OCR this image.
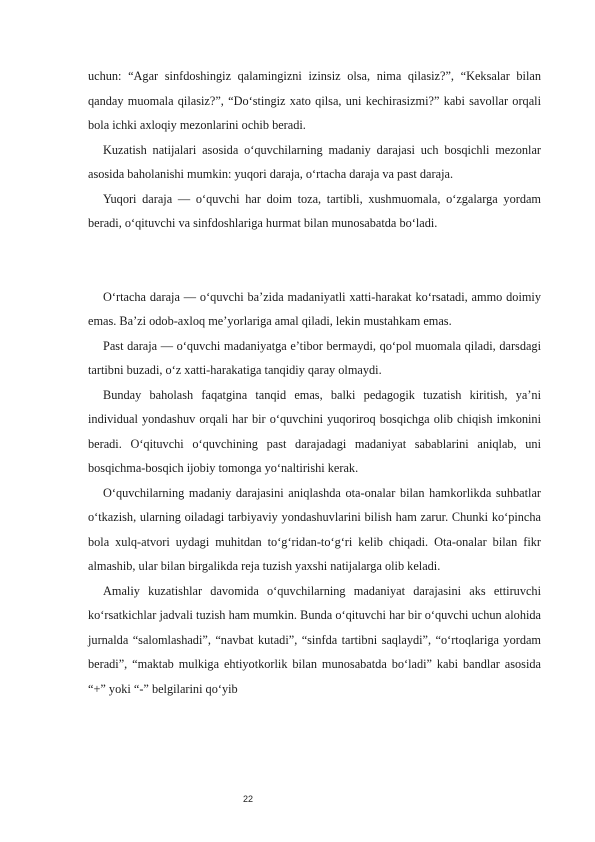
uchun: “Agar sinfdoshingiz qalamingizni izinsiz olsa, nima qilasiz?”, “Keksalar bilan qanday muomala qilasiz?”, “Do‘stingiz xato qilsa, uni kechirasizmi?” kabi savollar orqali bola ichki axloqiy mezonlarini ochib beradi.

Kuzatish natijalari asosida o‘quvchilarning madaniy darajasi uch bosqichli mezonlar asosida baholanishi mumkin: yuqori daraja, o‘rtacha daraja va past daraja.

Yuqori daraja — o‘quvchi har doim toza, tartibli, xushmuomala, o‘zgalarga yordam beradi, o‘qituvchi va sinfdoshlariga hurmat bilan munosabatda bo‘ladi.

O‘rtacha daraja — o‘quvchi ba’zida madaniyatli xatti-harakat ko‘rsatadi, ammo doimiy emas. Ba’zi odob-axloq me’yorlariga amal qiladi, lekin mustahkam emas.

Past daraja — o‘quvchi madaniyatga e’tibor bermaydi, qo‘pol muomala qiladi, darsdagi tartibni buzadi, o‘z xatti-harakatiga tanqidiy qaray olmaydi.

Bunday baholash faqatgina tanqid emas, balki pedagogik tuzatish kiritish, ya’ni individual yondashuv orqali har bir o‘quvchini yuqoriroq bosqichga olib chiqish imkonini beradi. O‘qituvchi o‘quvchining past darajadagi madaniyat sabablarini aniqlab, uni bosqichma-bosqich ijobiy tomonga yo‘naltirishi kerak.

O‘quvchilarning madaniy darajasini aniqlashda ota-onalar bilan hamkorlikda suhbatlar o‘tkazish, ularning oiladagi tarbiyaviy yondashuvlarini bilish ham zarur. Chunki ko‘pincha bola xulq-atvori uydagi muhitdan to‘g‘ridan-to‘g‘ri kelib chiqadi. Ota-onalar bilan fikr almashib, ular bilan birgalikda reja tuzish yaxshi natijalarga olib keladi.

Amaliy kuzatishlar davomida o‘quvchilarning madaniyat darajasini aks ettiruvchi ko‘rsatkichlar jadvali tuzish ham mumkin. Bunda o‘qituvchi har bir o‘quvchi uchun alohida jurnalda “salomlashadi”, “navbat kutadi”, “sinfda tartibni saqlaydi”, “o‘rtoqlariga yordam beradi”, “maktab mulkiga ehtiyotkorlik bilan munosabatda bo‘ladi” kabi bandlar asosida “+” yoki “-” belgilarini qo‘yib

22
